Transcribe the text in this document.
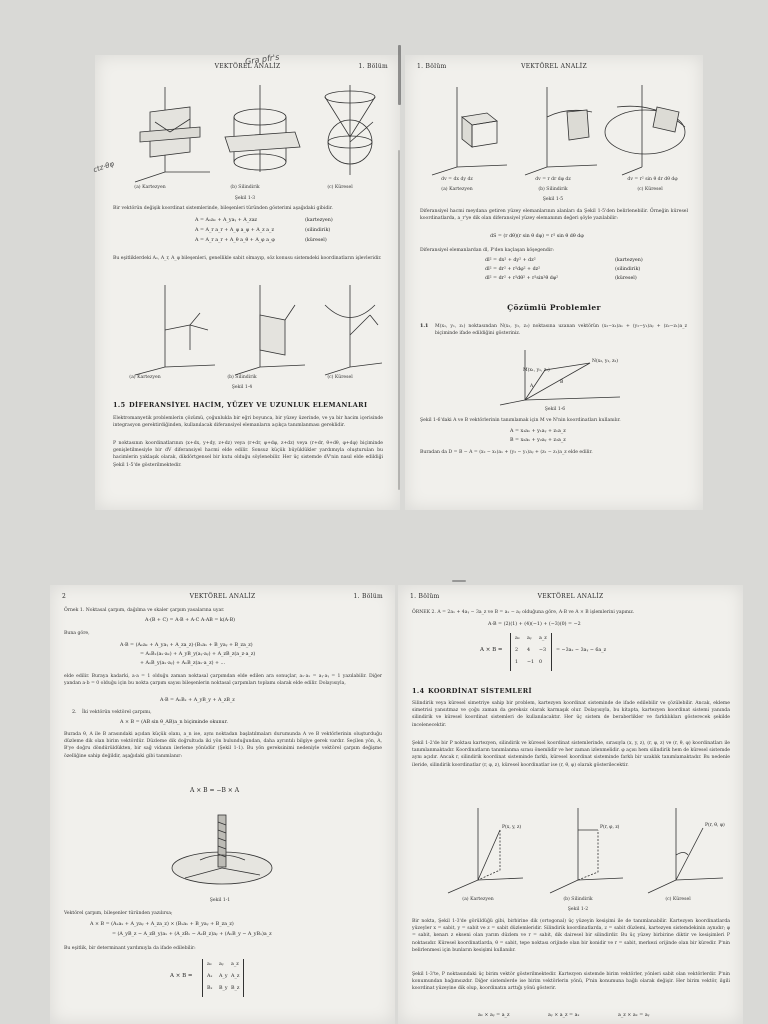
VEKTÖREL ANALİZ	1. Bölüm
Gra pfr's
ctz·θφ
(a) Kartezyen	(b) Silindirik	(c) Küresel
Şekil 1-3
Bir vektörün değişik koordinat sistemlerinde, bileşenleri türünden gösterimi aşağıdaki gibidir.
A = Aₓaₓ + A_yaᵧ + A_zaz	(kartezyen)
A = A_r a_r + A_φ a_φ + A_z a_z	(silindirik)
A = A_r a_r + A_θ a_θ + A_φ a_φ	(küresel)
Bu eşitliklerdeki Aₓ, A_r, A_φ bileşenleri, genellikle sabit olmayıp, söz konusu sistemdeki koordinatların işlevleridir.
(a) Kartezyen	(b) Silindirik	(c) Küresel
Şekil 1-4
1.5 DİFERANSİYEL HACİM, YÜZEY VE UZUNLUK ELEMANLARI
Elektromanyetik problemlerin çözümü, çoğunlukla bir eğri boyunca, bir yüzey üzerinde, ve ya bir hacim içerisinde integrasyon gerektirdiğinden, kullanılacak diferansiyel elemanların açıkça tanımlanması gereklidir.
P noktasının koordinatlarının (x+dx, y+dy, z+dz) veya (r+dr, φ+dφ, z+dz) veya (r+dr, θ+dθ, φ+dφ) biçiminde genişletilmesiyle bir dV diferansiyel hacmi elde edilir. Sonsuz küçük büyüklükler yardımıyla oluşturulan bu hacimlerin yaklaşık olarak, dikdörtgensel bir kutu olduğu söylenebilir. Her üç sistemde dV'nin nasıl elde edildiği Şekil 1-5'de gösterilmektedir.
1. Bölüm	VEKTÖREL ANALİZ
dv = dx dy dz	dv = r dr dφ dz	dv = r² sin θ dr dθ dφ
(a) Kartezyen	(b) Silindirik	(c) Küresel
Şekil 1-5
Diferansiyel hacmi meydana getiren yüzey elemanlarının alanları da Şekil 1-5'den belirlenebilir. Örneğin küresel koordinatlarda, a_r'ye dik olan diferansiyel yüzey elemanının değeri şöyle yazılabilir:
dS = (r dθ)(r sin θ dφ) = r² sin θ dθ dφ
Diferansiyel elemanlardan dl, P'den kaçlaşan köşegendir:
dl² = dx² + dy² + dz²	(kartezyen)
dl² = dr² + r²dφ² + dz²	(silindirik)
dl² = dr² + r²dθ² + r²sin²θ dφ²	(küresel)
Çözümlü Problemler
1.1 M(x₁, y₁, z₁) noktasından N(x₂, y₂, z₂) noktasına uzanan vektörün (x₂−x₁)aₓ + (y₂−y₁)aᵧ + (z₂−z₁)a_z biçiminde ifade edildiğini gösteriniz.
M(x₁, y₁, z₁)
N(x₂, y₂, z₂)
A
B
Şekil 1-6
Şekil 1-6'daki A ve B vektörlerinin tanımlamak için M ve N'nin koordinatları kullanılır.
A = x₁aₓ + y₁aᵧ + z₁a_z
B = x₂aₓ + y₂aᵧ + z₂a_z
Buradan da D = B − A = (x₂ − x₁)aₓ + (y₂ − y₁)aᵧ + (z₂ − z₁)a_z elde edilir.
2	VEKTÖREL ANALİZ	1. Bölüm
Örnek 1. Noktasal çarpım, dağılma ve skaler çarpım yasalarına uyar.
A·(B + C) = A·B + A·C A·AB = k(A·B)
Buna göre,
A·B = (Aₓaₓ + A_yaᵧ + A_za_z)·(Bₓaₓ + B_yaᵧ + B_za_z)
= AₓBₓ(aₓ·aₓ) + A_yB_y(aᵧ·aᵧ) + A_zB_z(a_z·a_z)
+ AₓB_y(aₓ·aᵧ) + AₓB_z(aₓ·a_z) + ...
elde edilir. Buraya kadarki, a·a = 1 olduğu zaman noktasal çarpımdan elde edilen ara sonuçlar, aₓ·aₓ = aᵧ·aᵧ = 1 yazılabilir. Diğer yandan a·b = 0 olduğu için bu nokta çarpım sayısı bileşenlerin noktasal çarpımları toplamı olarak elde edilir. Dolayısıyla,
A·B = AₓBₓ + A_yB_y + A_zB_z
2. İki vektörün vektörel çarpımı,
A × B = (AB sin θ_AB)a_n biçiminde okunur.
Burada θ, A ile B arasındaki açıdan küçük olanı, a_n ise, aynı noktadan başlatılmaları durumunda A ve B vektörlerinin oluşturduğu düzleme dik olan birim vektördür. Düzleme dik doğrultuda iki yön bulunduğundan, daha ayrıntılı bilgiye gerek vardır. Seçilen yön, A, B'ye doğru döndürüldükten, bir sağ vidanın ilerleme yönüdür (Şekil 1-1). Bu yön gereksinimi nedeniyle vektörel çarpım değişme özelliğine sahip değildir, aşağıdaki gibi tanımlanır:
A × B = −B × A
Şekil 1-1
Vektörel çarpım, bileşenler türünden yazılırsa;
A × B = (Aₓaₓ + A_yaᵧ + A_za_z) × (Bₓaₓ + B_yaᵧ + B_za_z)
= (A_yB_z − A_zB_y)aₓ + (A_zBₓ − AₓB_z)aᵧ + (AₓB_y − A_yBₓ)a_z
Bu eşitlik, bir determinant yardımıyla da ifade edilebilir:
A × B =
aₓ aᵧ a_z
Aₓ A_y A_z
Bₓ B_y B_z
1. Bölüm	VEKTÖREL ANALİZ
ÖRNEK 2. A = 2aₓ + 4aᵧ − 3a_z ve B = aₓ − aᵧ olduğuna göre, A·B ve A × B işlemlerini yapınız.
A·B = (2)(1) + (4)(−1) + (−3)(0) = −2
A × B =
aₓ aᵧ a_z
2 4 −3
1 −1 0
= −3aₓ − 3aᵧ − 6a_z
1.4 KOORDİNAT SİSTEMLERİ
Silindirik veya küresel simetriye sahip bir problem, kartezyen koordinat sisteminde de ifade edilebilir ve çözülebilir. Ancak, ekleme simetrisi yansıtmaz ve çoğu zaman da gereksiz olarak karmaşık olur. Dolayısıyla, bu kitapta, kartezyen koordinat sistemi yanında silindirik ve küresel koordinat sistemleri de kullanılacaktır. Her üç sistem de beraberlikler ve farklılıkları gösterecek şekilde incelenecektir.
Şekil 1-2'de bir P noktası kartezyen, silindirik ve küresel koordinat sistemlerinde, sırasıyla (x, y, z), (r, φ, z) ve (r, θ, φ) koordinatları ile tanımlanmaktadır. Koordinatların tanımlanma sırası önemlidir ve her zaman izlenmelidir. φ açısı hem silindirik hem de küresel sistemde aynı açıdır. Ancak r, silindirik koordinat sisteminde farklı, küresel koordinat sisteminde farklı bir uzaklık tanımlamaktadır. Bu nedenle ileride, silindirik koordinatlar (r, φ, z), küresel koordinatlar ise (r, θ, φ) olarak gösterilecektir.
P(x, y, z)	P(r, φ, z)	P(r, θ, φ)
(a) Kartezyen	(b) Silindirik	(c) Küresel
Şekil 1-2
Bir nokta, Şekil 1-3'de görüldüğü gibi, birbirine dik (ortogonal) üç yüzeyin kesişimi ile de tanımlanabilir. Kartezyen koordinatlarda yüzeyler x = sabit, y = sabit ve z = sabit düzlemleridir. Silindirik koordinatlarda, z = sabit düzlemi, kartezyen sistemdekinin aynıdır; φ = sabit, kenarı z ekseni olan yarım düzlem ve r = sabit, dik dairesel bir silindirdir. Bu üç yüzey birbirine diktir ve kesişimleri P noktasıdır. Küresel koordinatlarda, θ = sabit, tepe noktası orijinde olan bir konidir ve r = sabit, merkezi orijinde olan bir küredir. P'nin belirlenmesi için bunların kesişimi kullanılır.
Şekil 1-3'te, P noktasındaki üç birim vektör gösterilmektedir. Kartezyen sistemde birim vektörler, yönleri sabit olan vektörlerdir. P'nin konumundan bağımsızdır. Diğer sistemlerde ise birim vektörlerin yönü, P'nin konumuna bağlı olarak değişir. Her birim vektör, ilgili koordinat yüzeyine dik olup, koordinatın arttığı yönü gösterir.
aₓ × aᵧ = a_z	aᵧ × a_z = aₓ	a_z × aₓ = aᵧ
